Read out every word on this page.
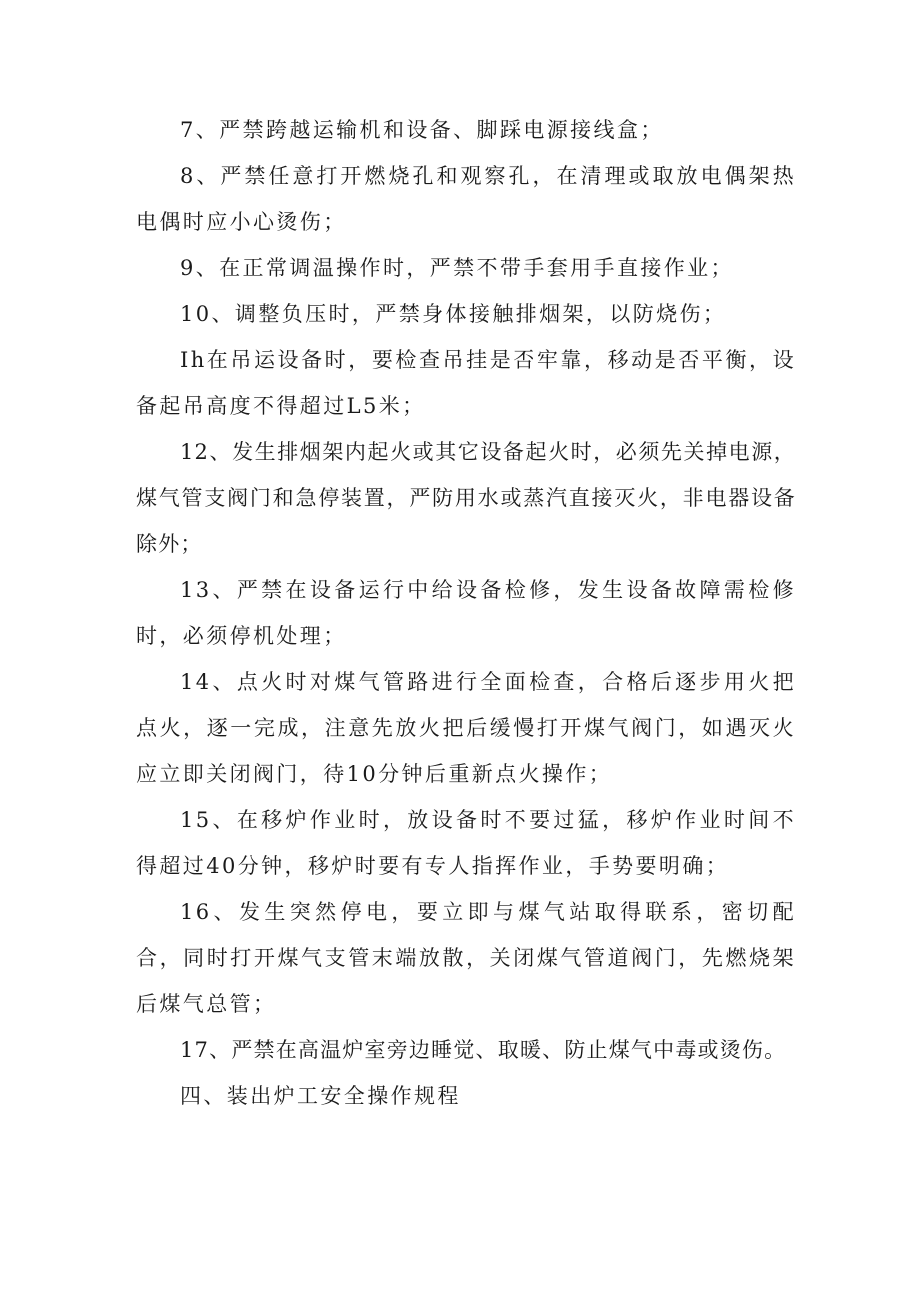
7、严禁跨越运输机和设备、脚踩电源接线盒；

8、严禁任意打开燃烧孔和观察孔，在清理或取放电偶架热电偶时应小心烫伤；

9、在正常调温操作时，严禁不带手套用手直接作业；

10、调整负压时，严禁身体接触排烟架，以防烧伤；

Ih在吊运设备时，要检查吊挂是否牢靠，移动是否平衡，设备起吊高度不得超过L5米；

12、发生排烟架内起火或其它设备起火时，必须先关掉电源，煤气管支阀门和急停装置，严防用水或蒸汽直接灭火，非电器设备除外；

13、严禁在设备运行中给设备检修，发生设备故障需检修时，必须停机处理；

14、点火时对煤气管路进行全面检查，合格后逐步用火把点火，逐一完成，注意先放火把后缓慢打开煤气阀门，如遇灭火应立即关闭阀门，待10分钟后重新点火操作；

15、在移炉作业时，放设备时不要过猛，移炉作业时间不得超过40分钟，移炉时要有专人指挥作业，手势要明确；

16、发生突然停电，要立即与煤气站取得联系，密切配合，同时打开煤气支管末端放散，关闭煤气管道阀门，先燃烧架后煤气总管；

17、严禁在高温炉室旁边睡觉、取暖、防止煤气中毒或烫伤。

四、装出炉工安全操作规程
